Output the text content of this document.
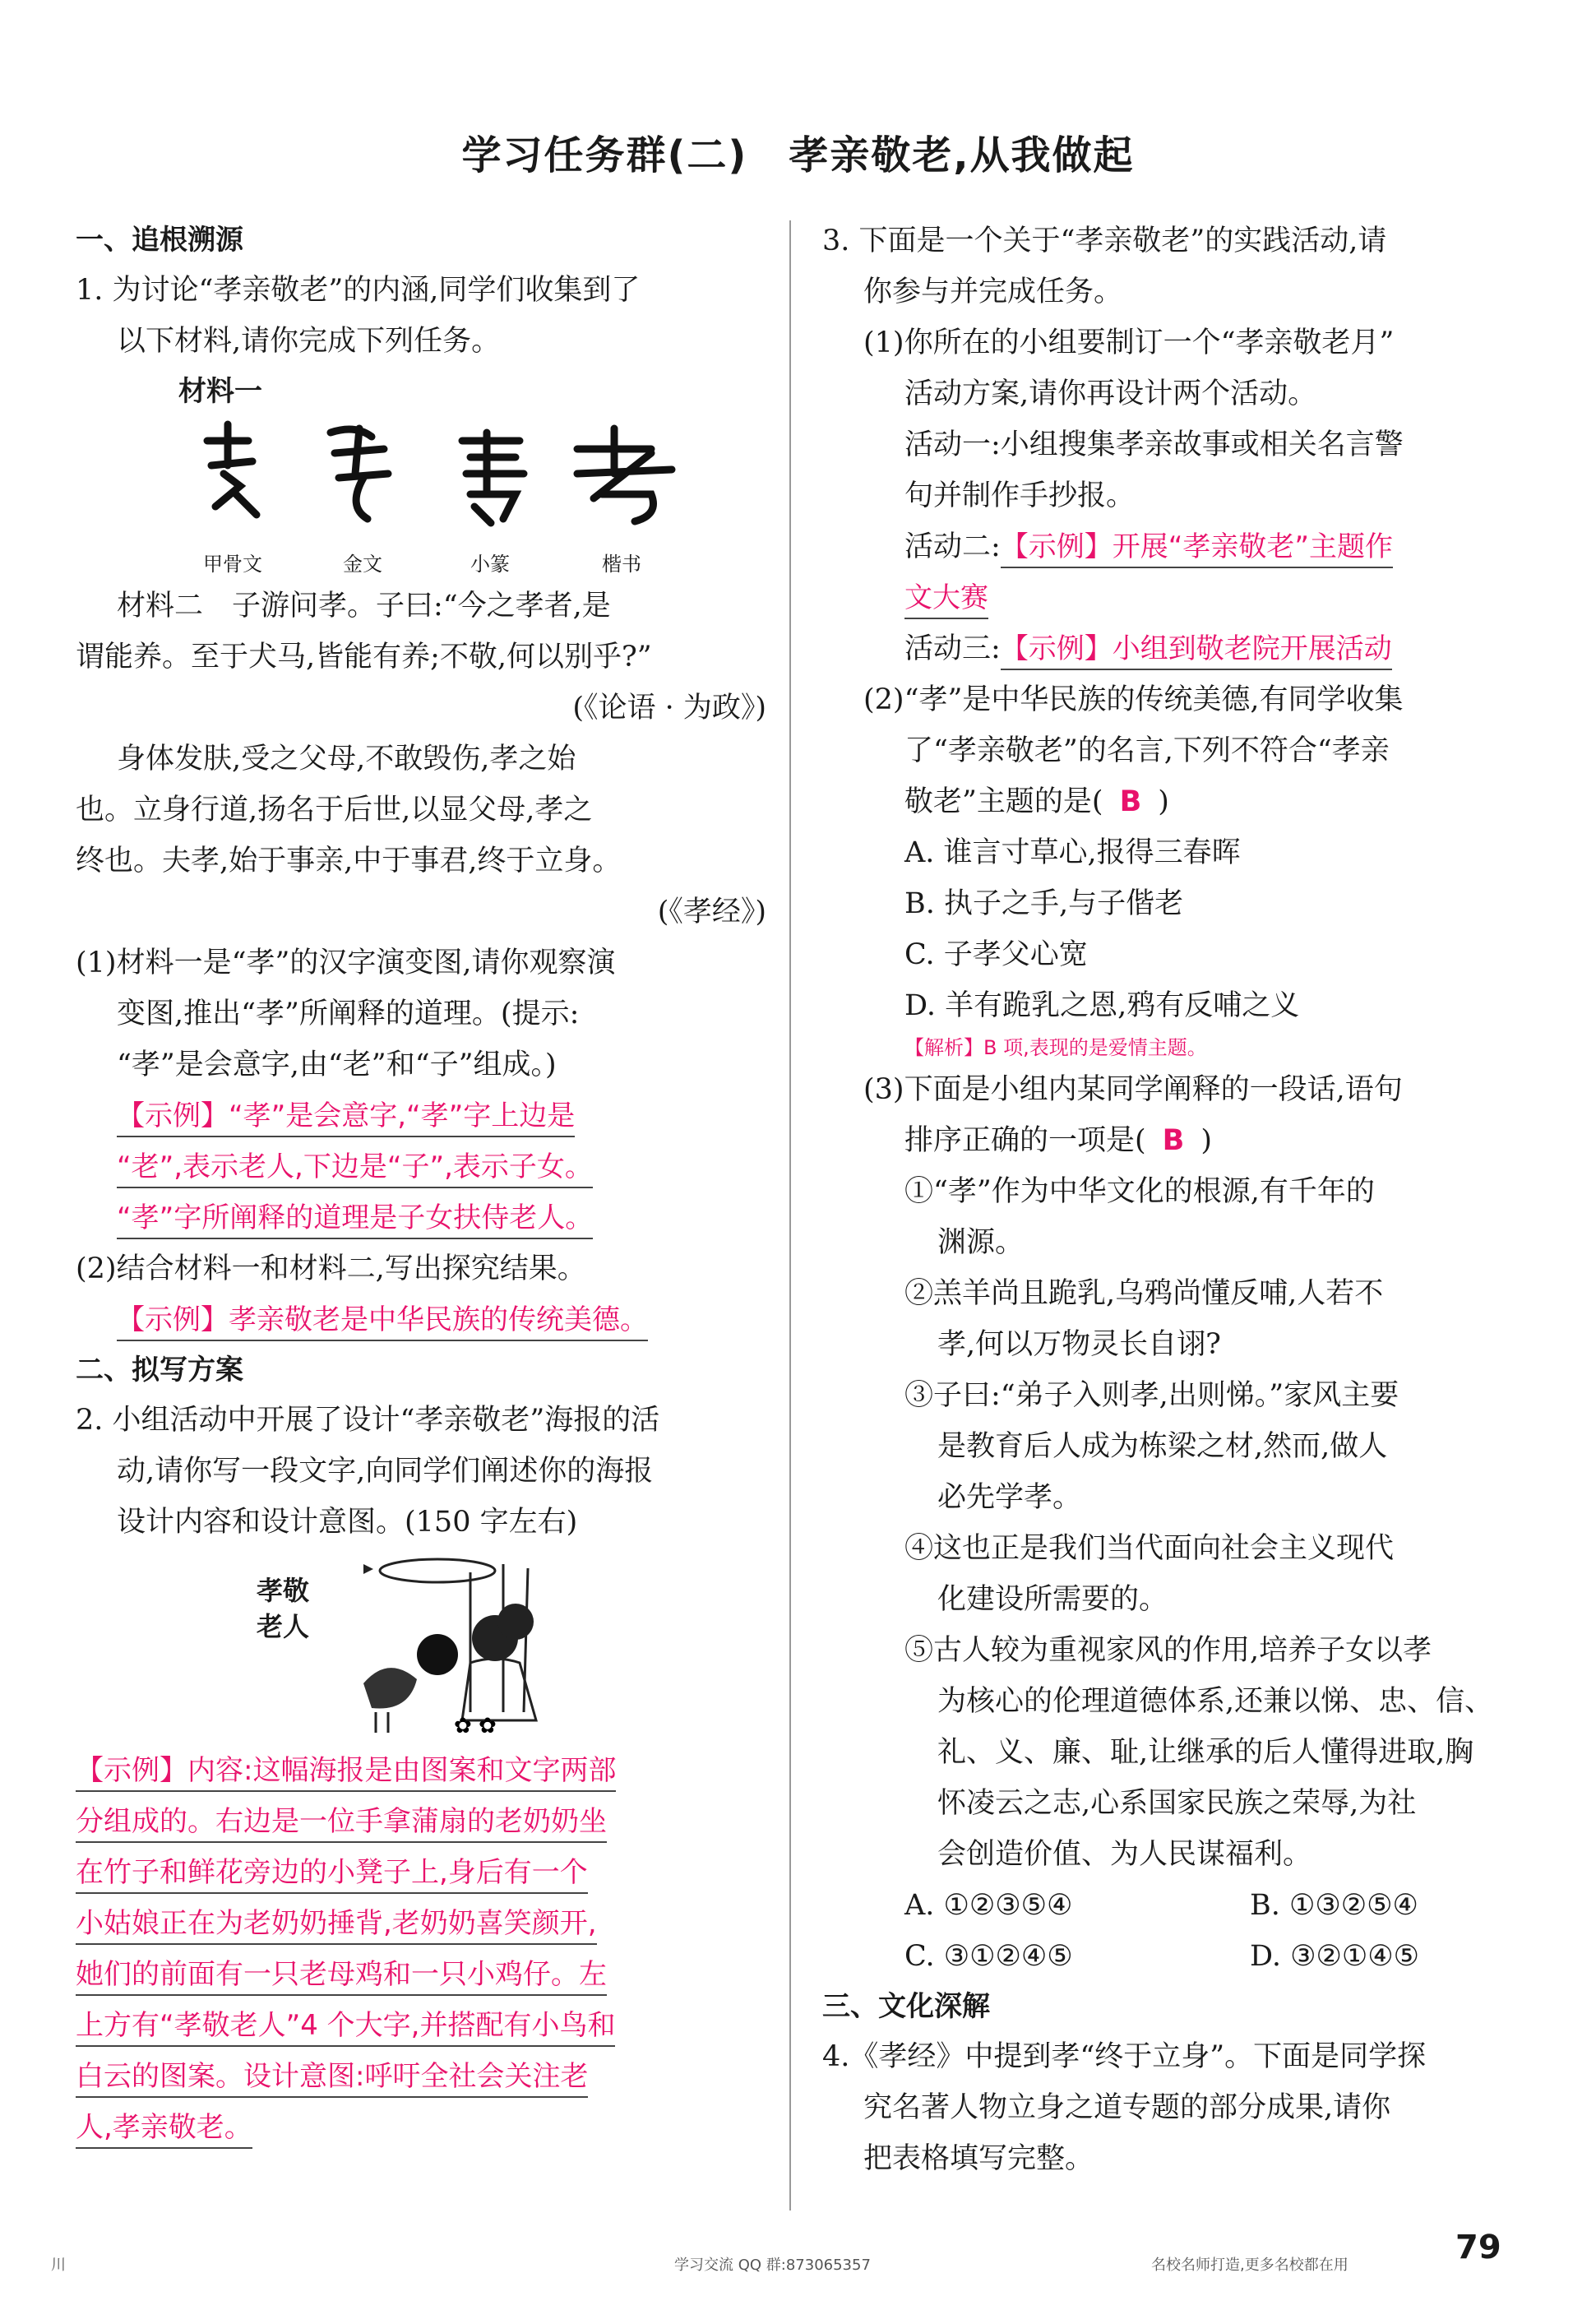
学习任务群(二)　孝亲敬老,从我做起
一、追根溯源
1. 为讨论“孝亲敬老”的内涵,同学们收集到了
以下材料,请你完成下列任务。
材料一
甲骨文	金文	小篆	楷书
材料二　子游问孝。子曰:“今之孝者,是
谓能养。至于犬马,皆能有养;不敬,何以别乎?”
(《论语 · 为政》)
身体发肤,受之父母,不敢毁伤,孝之始
也。立身行道,扬名于后世,以显父母,孝之
终也。夫孝,始于事亲,中于事君,终于立身。
(《孝经》)
(1)材料一是“孝”的汉字演变图,请你观察演
变图,推出“孝”所阐释的道理。(提示:
“孝”是会意字,由“老”和“子”组成。)
【示例】“孝”是会意字,“孝”字上边是
“老”,表示老人,下边是“子”,表示子女。
“孝”字所阐释的道理是子女扶侍老人。
(2)结合材料一和材料二,写出探究结果。
【示例】孝亲敬老是中华民族的传统美德。
二、拟写方案
2. 小组活动中开展了设计“孝亲敬老”海报的活
动,请你写一段文字,向同学们阐述你的海报
设计内容和设计意图。(150 字左右)
孝敬
老人
✿ ✿
【示例】内容:这幅海报是由图案和文字两部
分组成的。右边是一位手拿蒲扇的老奶奶坐
在竹子和鲜花旁边的小凳子上,身后有一个
小姑娘正在为老奶奶捶背,老奶奶喜笑颜开,
她们的前面有一只老母鸡和一只小鸡仔。左
上方有“孝敬老人”4 个大字,并搭配有小鸟和
白云的图案。设计意图:呼吁全社会关注老
人,孝亲敬老。
3. 下面是一个关于“孝亲敬老”的实践活动,请
你参与并完成任务。
(1)你所在的小组要制订一个“孝亲敬老月”
活动方案,请你再设计两个活动。
活动一:小组搜集孝亲故事或相关名言警
句并制作手抄报。
活动二:【示例】开展“孝亲敬老”主题作
文大赛
活动三:【示例】小组到敬老院开展活动
(2)“孝”是中华民族的传统美德,有同学收集
了“孝亲敬老”的名言,下列不符合“孝亲
敬老”主题的是( B )
A. 谁言寸草心,报得三春晖
B. 执子之手,与子偕老
C. 子孝父心宽
D. 羊有跪乳之恩,鸦有反哺之义
【解析】B 项,表现的是爱情主题。
(3)下面是小组内某同学阐释的一段话,语句
排序正确的一项是( B )
①“孝”作为中华文化的根源,有千年的
渊源。
②羔羊尚且跪乳,乌鸦尚懂反哺,人若不
孝,何以万物灵长自诩?
③子曰:“弟子入则孝,出则悌。”家风主要
是教育后人成为栋梁之材,然而,做人
必先学孝。
④这也正是我们当代面向社会主义现代
化建设所需要的。
⑤古人较为重视家风的作用,培养子女以孝
为核心的伦理道德体系,还兼以悌、忠、信、
礼、义、廉、耻,让继承的后人懂得进取,胸
怀凌云之志,心系国家民族之荣辱,为社
会创造价值、为人民谋福利。
A. ①②③⑤④	B. ①③②⑤④
C. ③①②④⑤	D. ③②①④⑤
三、文化深解
4.《孝经》中提到孝“终于立身”。下面是同学探
究名著人物立身之道专题的部分成果,请你
把表格填写完整。
川	学习交流 QQ 群:873065357	名校名师打造,更多名校都在用	79
